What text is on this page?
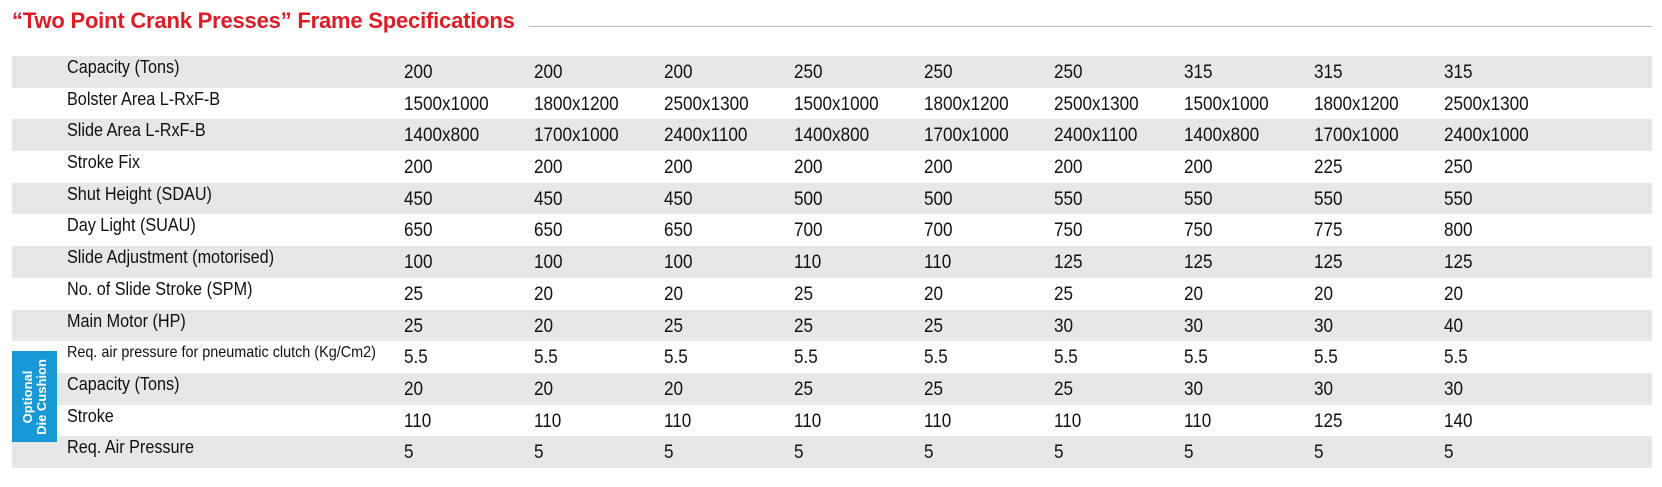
“Two Point Crank Presses” Frame Specifications
Optional Die Cushion
Capacity (Tons)	200	200	200	250	250	250	315	315	315
Bolster Area L-RxF-B	1500x1000 1800x1200 2500x1300 1500x1000 1800x1200 2500x1300 1500x1000 1800x1200 2500x1300
Slide Area L-RxF-B	1400x800	1700x1000 2400x1100 1400x800	1700x1000 2400x1100 1400x800	1700x1000 2400x1000
Stroke Fix	200	200	200	200	200	200	200	225	250
Shut Height (SDAU)	450	450	450	500	500	550	550	550	550
Day Light (SUAU)	650	650	650	700	700	750	750	775	800
Slide Adjustment (motorised)	100	100	100	110	110	125	125	125	125
No. of Slide Stroke (SPM)	25	20	20	25	20	25	20	20	20
Main Motor (HP)	25	20	25	25	25	30	30	30	40
Req. air pressure for pneumatic clutch (Kg/Cm2) 5.5	5.5	5.5	5.5	5.5	5.5	5.5	5.5	5.5
Capacity (Tons)	20	20	20	25	25	25	30	30	30
Stroke	110	110	110	110	110	110	110	125	140
Req. Air Pressure	5	5	5	5	5	5	5	5	5
